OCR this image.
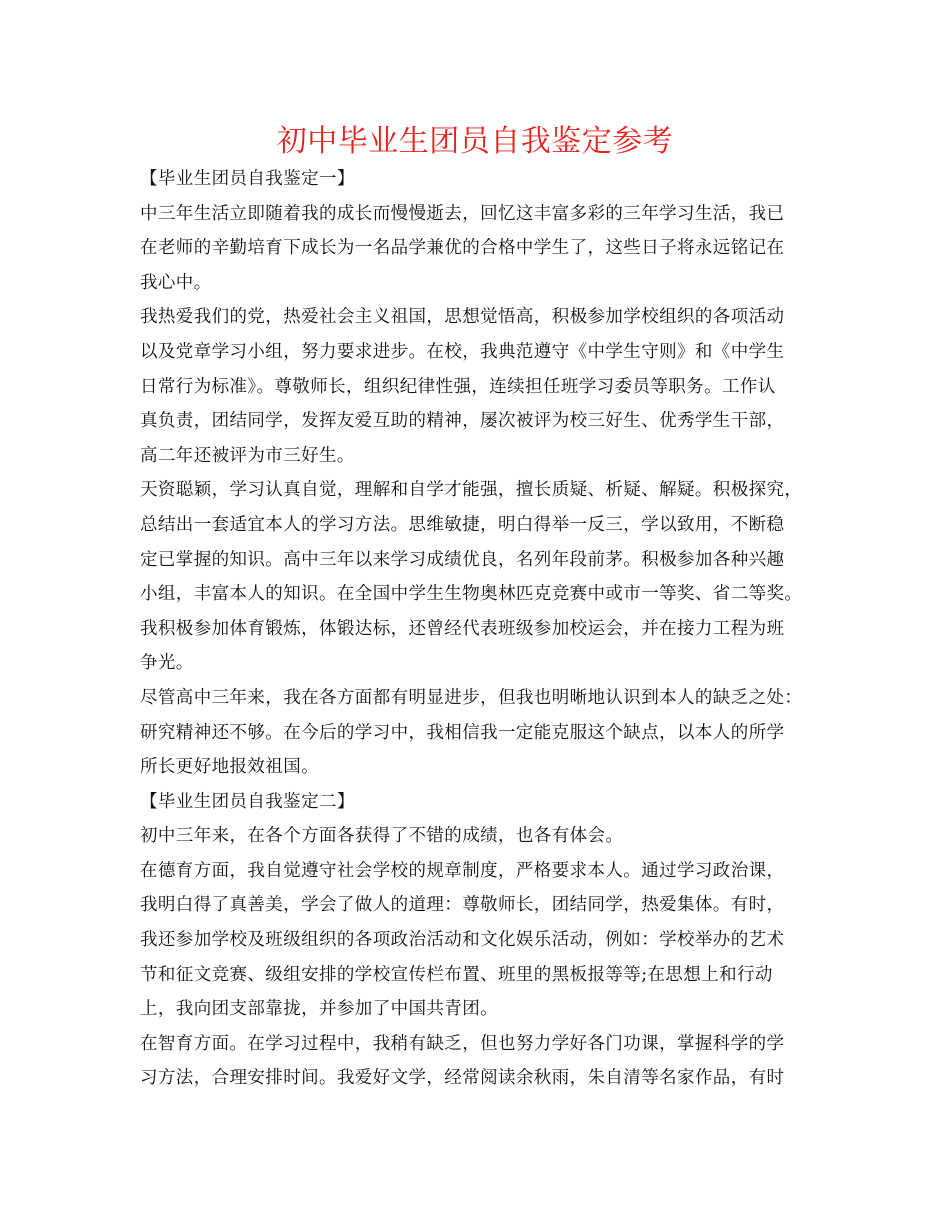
初中毕业生团员自我鉴定参考
【毕业生团员自我鉴定一】
中三年生活立即随着我的成长而慢慢逝去，回忆这丰富多彩的三年学习生活，我已
在老师的辛勤培育下成长为一名品学兼优的合格中学生了，这些日子将永远铭记在
我心中。
我热爱我们的党，热爱社会主义祖国，思想觉悟高，积极参加学校组织的各项活动
以及党章学习小组，努力要求进步。在校，我典范遵守《中学生守则》和《中学生
日常行为标准》。尊敬师长，组织纪律性强，连续担任班学习委员等职务。工作认
真负责，团结同学，发挥友爱互助的精神，屡次被评为校三好生、优秀学生干部，
高二年还被评为市三好生。
天资聪颖，学习认真自觉，理解和自学才能强，擅长质疑、析疑、解疑。积极探究，
总结出一套适宜本人的学习方法。思维敏捷，明白得举一反三，学以致用，不断稳
定已掌握的知识。高中三年以来学习成绩优良，名列年段前茅。积极参加各种兴趣
小组，丰富本人的知识。在全国中学生生物奥林匹克竞赛中或市一等奖、省二等奖。
我积极参加体育锻炼，体锻达标，还曾经代表班级参加校运会，并在接力工程为班
争光。
尽管高中三年来，我在各方面都有明显进步，但我也明晰地认识到本人的缺乏之处：
研究精神还不够。在今后的学习中，我相信我一定能克服这个缺点，以本人的所学
所长更好地报效祖国。
【毕业生团员自我鉴定二】
初中三年来，在各个方面各获得了不错的成绩，也各有体会。
在德育方面，我自觉遵守社会学校的规章制度，严格要求本人。通过学习政治课，
我明白得了真善美，学会了做人的道理：尊敬师长，团结同学，热爱集体。有时，
我还参加学校及班级组织的各项政治活动和文化娱乐活动，例如：学校举办的艺术
节和征文竞赛、级组安排的学校宣传栏布置、班里的黑板报等等;在思想上和行动
上，我向团支部靠拢，并参加了中国共青团。
在智育方面。在学习过程中，我稍有缺乏，但也努力学好各门功课，掌握科学的学
习方法，合理安排时间。我爱好文学，经常阅读余秋雨，朱自清等名家作品，有时
